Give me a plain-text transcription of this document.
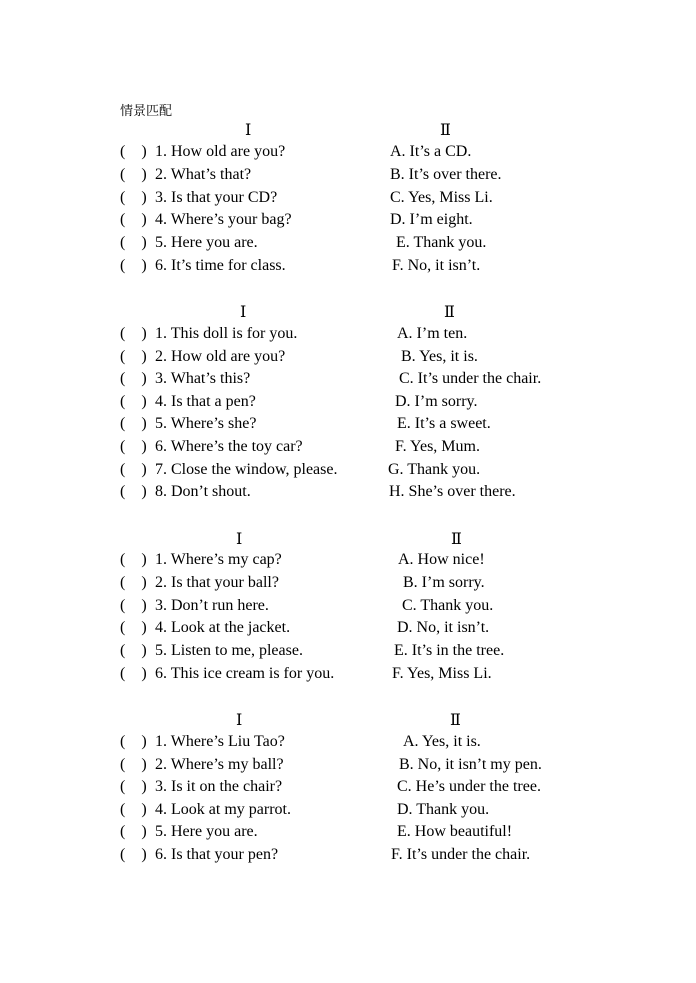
情景匹配
Ⅰ	Ⅱ
(    ) 1. How old are you?	A. It’s a CD.
(    ) 2. What’s that?	B. It’s over there.
(    ) 3. Is that your CD?	C. Yes, Miss Li.
(    ) 4. Where’s your bag?	D. I’m eight.
(    ) 5. Here you are.	E. Thank you.
(    ) 6. It’s time for class.	F. No, it isn’t.
Ⅰ	Ⅱ
(    ) 1. This doll is for you.	A. I’m ten.
(    ) 2. How old are you?	B. Yes, it is.
(    ) 3. What’s this?	C. It’s under the chair.
(    ) 4. Is that a pen?	D. I’m sorry.
(    ) 5. Where’s she?	E. It’s a sweet.
(    ) 6. Where’s the toy car?	F. Yes, Mum.
(    ) 7. Close the window, please.	G. Thank you.
(    ) 8. Don’t shout.	H. She’s over there.
Ⅰ	Ⅱ
(    ) 1. Where’s my cap?	A. How nice!
(    ) 2. Is that your ball?	B. I’m sorry.
(    ) 3. Don’t run here.	C. Thank you.
(    ) 4. Look at the jacket.	D. No, it isn’t.
(    ) 5. Listen to me, please.	E. It’s in the tree.
(    ) 6. This ice cream is for you.	F. Yes, Miss Li.
Ⅰ	Ⅱ
(    ) 1. Where’s Liu Tao?	A. Yes, it is.
(    ) 2. Where’s my ball?	B. No, it isn’t my pen.
(    ) 3. Is it on the chair?	C. He’s under the tree.
(    ) 4. Look at my parrot.	D. Thank you.
(    ) 5. Here you are.	E. How beautiful!
(    ) 6. Is that your pen?	F. It’s under the chair.
